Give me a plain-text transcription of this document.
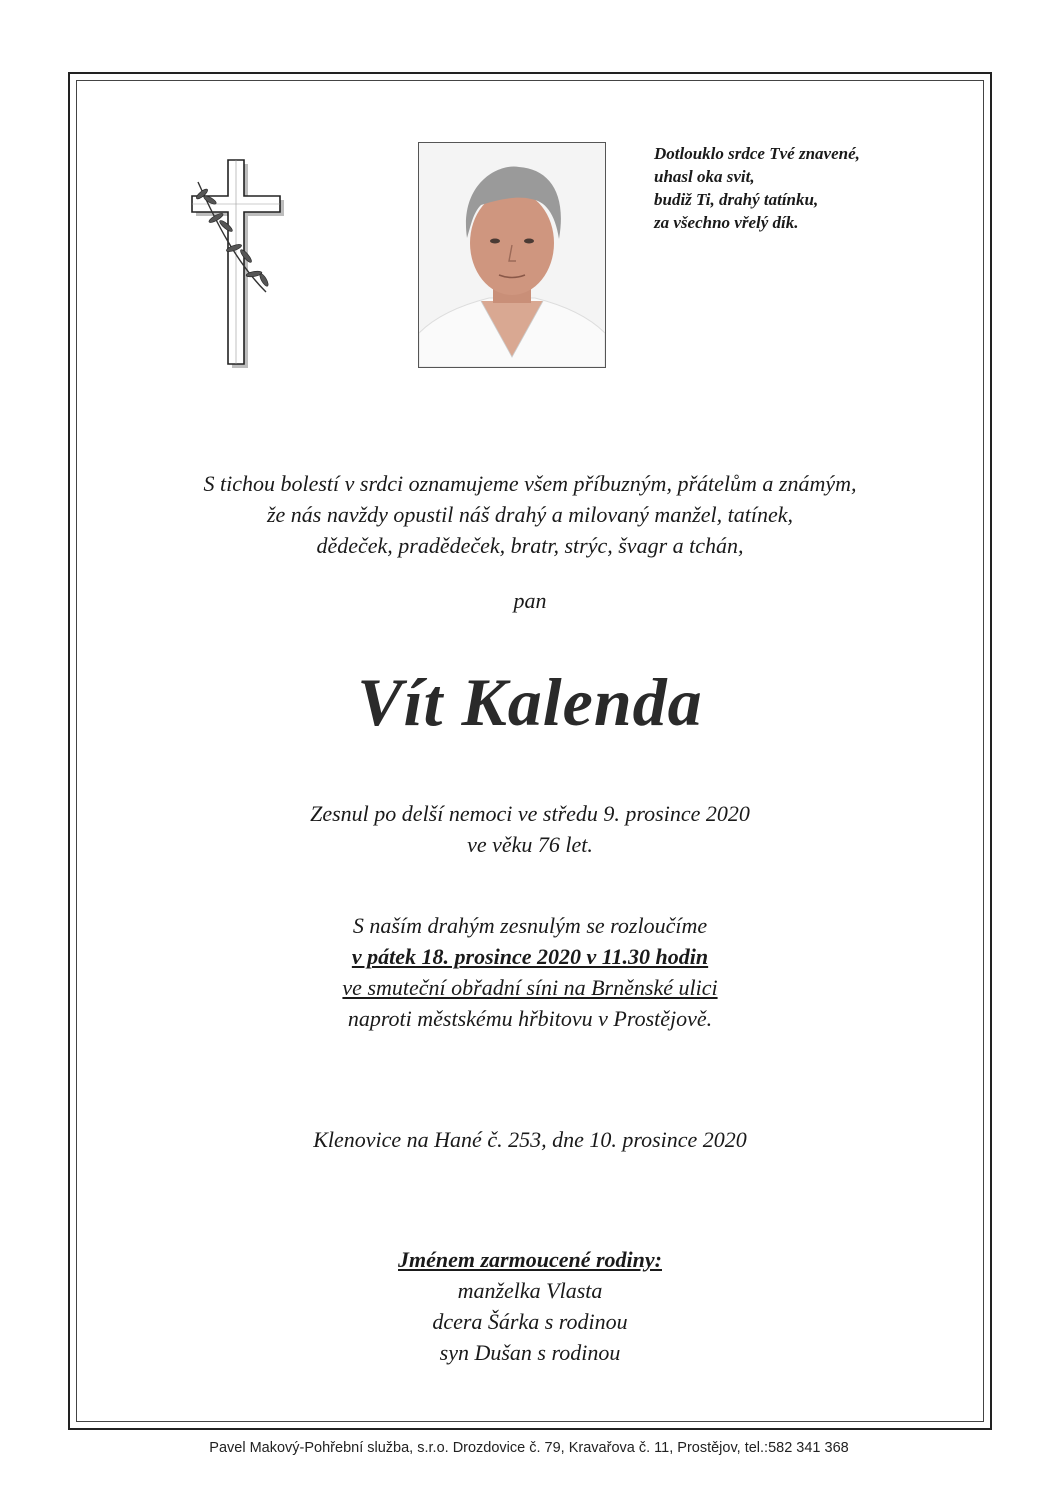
Dotlouklo srdce Tvé znavené,
uhasl oka svit,
budiž Ti, drahý tatínku,
za všechno vřelý dík.
S tichou bolestí v srdci oznamujeme všem příbuzným, přátelům a známým,
že nás navždy opustil náš drahý a milovaný manžel, tatínek,
dědeček, pradědeček, bratr, strýc, švagr a tchán,
pan
Vít Kalenda
Zesnul po delší nemoci ve středu 9. prosince 2020
ve věku 76 let.
S naším drahým zesnulým se rozloučíme
v pátek 18. prosince 2020 v 11.30 hodin
ve smuteční obřadní síni na Brněnské ulici
naproti městskému hřbitovu v Prostějově.
Klenovice na Hané č. 253, dne 10. prosince 2020
Jménem zarmoucené rodiny:
manželka Vlasta
dcera Šárka s rodinou
syn Dušan s rodinou
Pavel Makový-Pohřební služba, s.r.o. Drozdovice č. 79, Kravařova č. 11, Prostějov, tel.:582 341 368
